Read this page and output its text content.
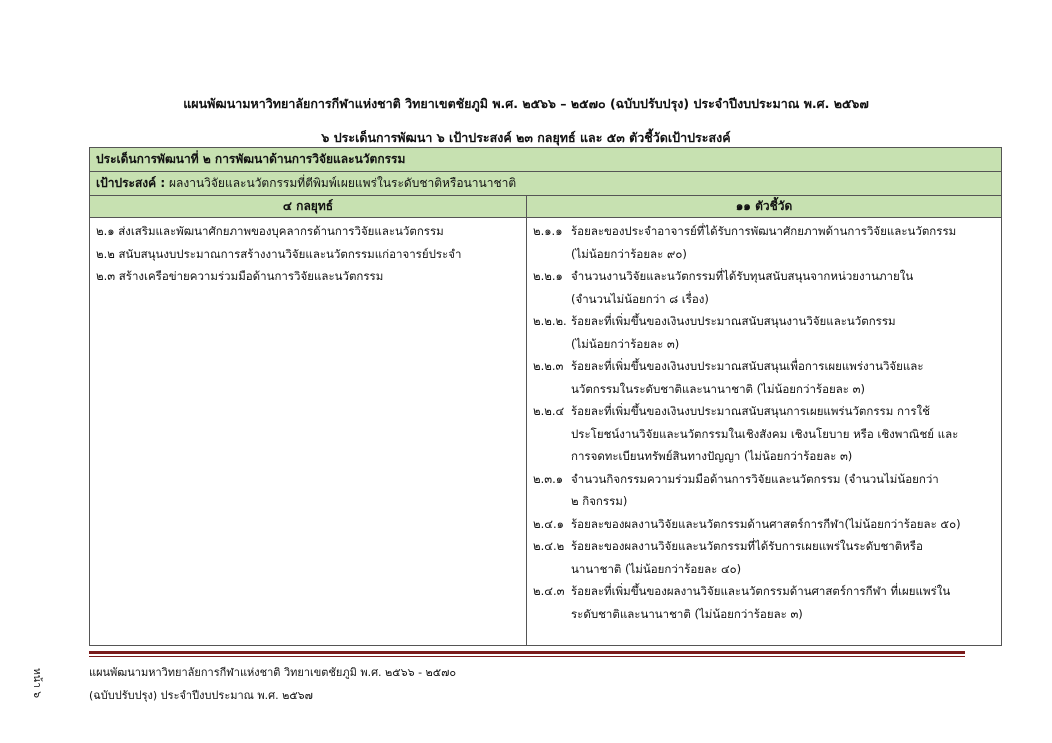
แผนพัฒนามหาวิทยาลัยการกีฬาแห่งชาติ วิทยาเขตชัยภูมิ พ.ศ. ๒๕๖๖ – ๒๕๗๐ (ฉบับปรับปรุง) ประจำปีงบประมาณ พ.ศ. ๒๕๖๗
๖ ประเด็นการพัฒนา ๖ เป้าประสงค์ ๒๓ กลยุทธ์ และ ๕๓ ตัวชี้วัดเป้าประสงค์
ประเด็นการพัฒนาที่ ๒ การพัฒนาด้านการวิจัยและนวัตกรรม
เป้าประสงค์ : ผลงานวิจัยและนวัตกรรมที่ตีพิมพ์เผยแพร่ในระดับชาติหรือนานาชาติ
๔ กลยุทธ์	๑๑ ตัวชี้วัด
๒.๑ ส่งเสริมและพัฒนาศักยภาพของบุคลากรด้านการวิจัยและนวัตกรรม
๒.๒ สนับสนุนงบประมาณการสร้างงานวิจัยและนวัตกรรมแก่อาจารย์ประจำ
๒.๓ สร้างเครือข่ายความร่วมมือด้านการวิจัยและนวัตกรรม
๒.๑.๑ ร้อยละของประจำอาจารย์ที่ได้รับการพัฒนาศักยภาพด้านการวิจัยและนวัตกรรม
(ไม่น้อยกว่าร้อยละ ๙๐)
๒.๒.๑ จำนวนงานวิจัยและนวัตกรรมที่ได้รับทุนสนับสนุนจากหน่วยงานภายใน
(จำนวนไม่น้อยกว่า ๘ เรื่อง)
๒.๒.๒. ร้อยละที่เพิ่มขึ้นของเงินงบประมาณสนับสนุนงานวิจัยและนวัตกรรม
(ไม่น้อยกว่าร้อยละ ๓)
๒.๒.๓ ร้อยละที่เพิ่มขึ้นของเงินงบประมาณสนับสนุนเพื่อการเผยแพร่งานวิจัยและ
นวัตกรรมในระดับชาติและนานาชาติ (ไม่น้อยกว่าร้อยละ ๓)
๒.๒.๔ ร้อยละที่เพิ่มขึ้นของเงินงบประมาณสนับสนุนการเผยแพร่นวัตกรรม การใช้
ประโยชน์งานวิจัยและนวัตกรรมในเชิงสังคม เชิงนโยบาย หรือ เชิงพาณิชย์ และ
การจดทะเบียนทรัพย์สินทางปัญญา (ไม่น้อยกว่าร้อยละ ๓)
๒.๓.๑ จำนวนกิจกรรมความร่วมมือด้านการวิจัยและนวัตกรรม (จำนวนไม่น้อยกว่า
๒ กิจกรรม)
๒.๔.๑ ร้อยละของผลงานวิจัยและนวัตกรรมด้านศาสตร์การกีฬา(ไม่น้อยกว่าร้อยละ ๕๐)
๒.๔.๒ ร้อยละของผลงานวิจัยและนวัตกรรมที่ได้รับการเผยแพร่ในระดับชาติหรือ
นานาชาติ (ไม่น้อยกว่าร้อยละ ๔๐)
๒.๔.๓ ร้อยละที่เพิ่มขึ้นของผลงานวิจัยและนวัตกรรมด้านศาสตร์การกีฬา ที่เผยแพร่ใน
ระดับชาติและนานาชาติ (ไม่น้อยกว่าร้อยละ ๓)
แผนพัฒนามหาวิทยาลัยการกีฬาแห่งชาติ วิทยาเขตชัยภูมิ พ.ศ. ๒๕๖๖ - ๒๕๗๐
(ฉบับปรับปรุง) ประจำปีงบประมาณ พ.ศ. ๒๕๖๗
หน้า ๖
